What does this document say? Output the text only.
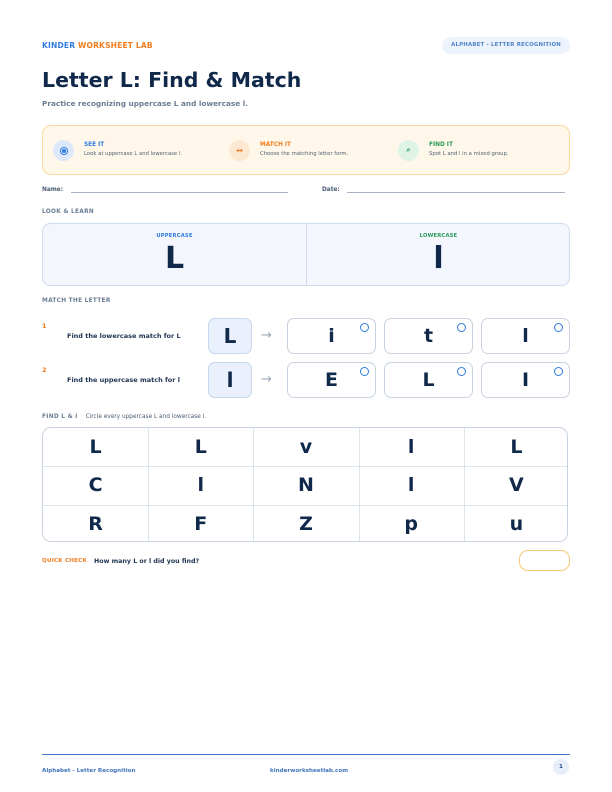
KINDER WORKSHEET LAB	ALPHABET - LETTER RECOGNITION
Letter L: Find & Match
Practice recognizing uppercase L and lowercase l.
SEE IT
Look at uppercase L and lowercase l.	↔
MATCH IT
Choose the matching letter form.	⌕
FIND IT
Spot L and l in a mixed group.
Name:	Date:
LOOK & LEARN
UPPERCASE
L
LOWERCASE
l
MATCH THE LETTER
1
Find the lowercase match for L	L	→	i	t	l
2
Find the uppercase match for l	l	→	E	L	I
FIND L & l Circle every uppercase L and lowercase l.
L	L	v	l	L
C	l	N	l	V
R	F	Z	p	u
QUICK CHECK How many L or l did you find?
Alphabet - Letter Recognition	kinderworksheetlab.com
1
